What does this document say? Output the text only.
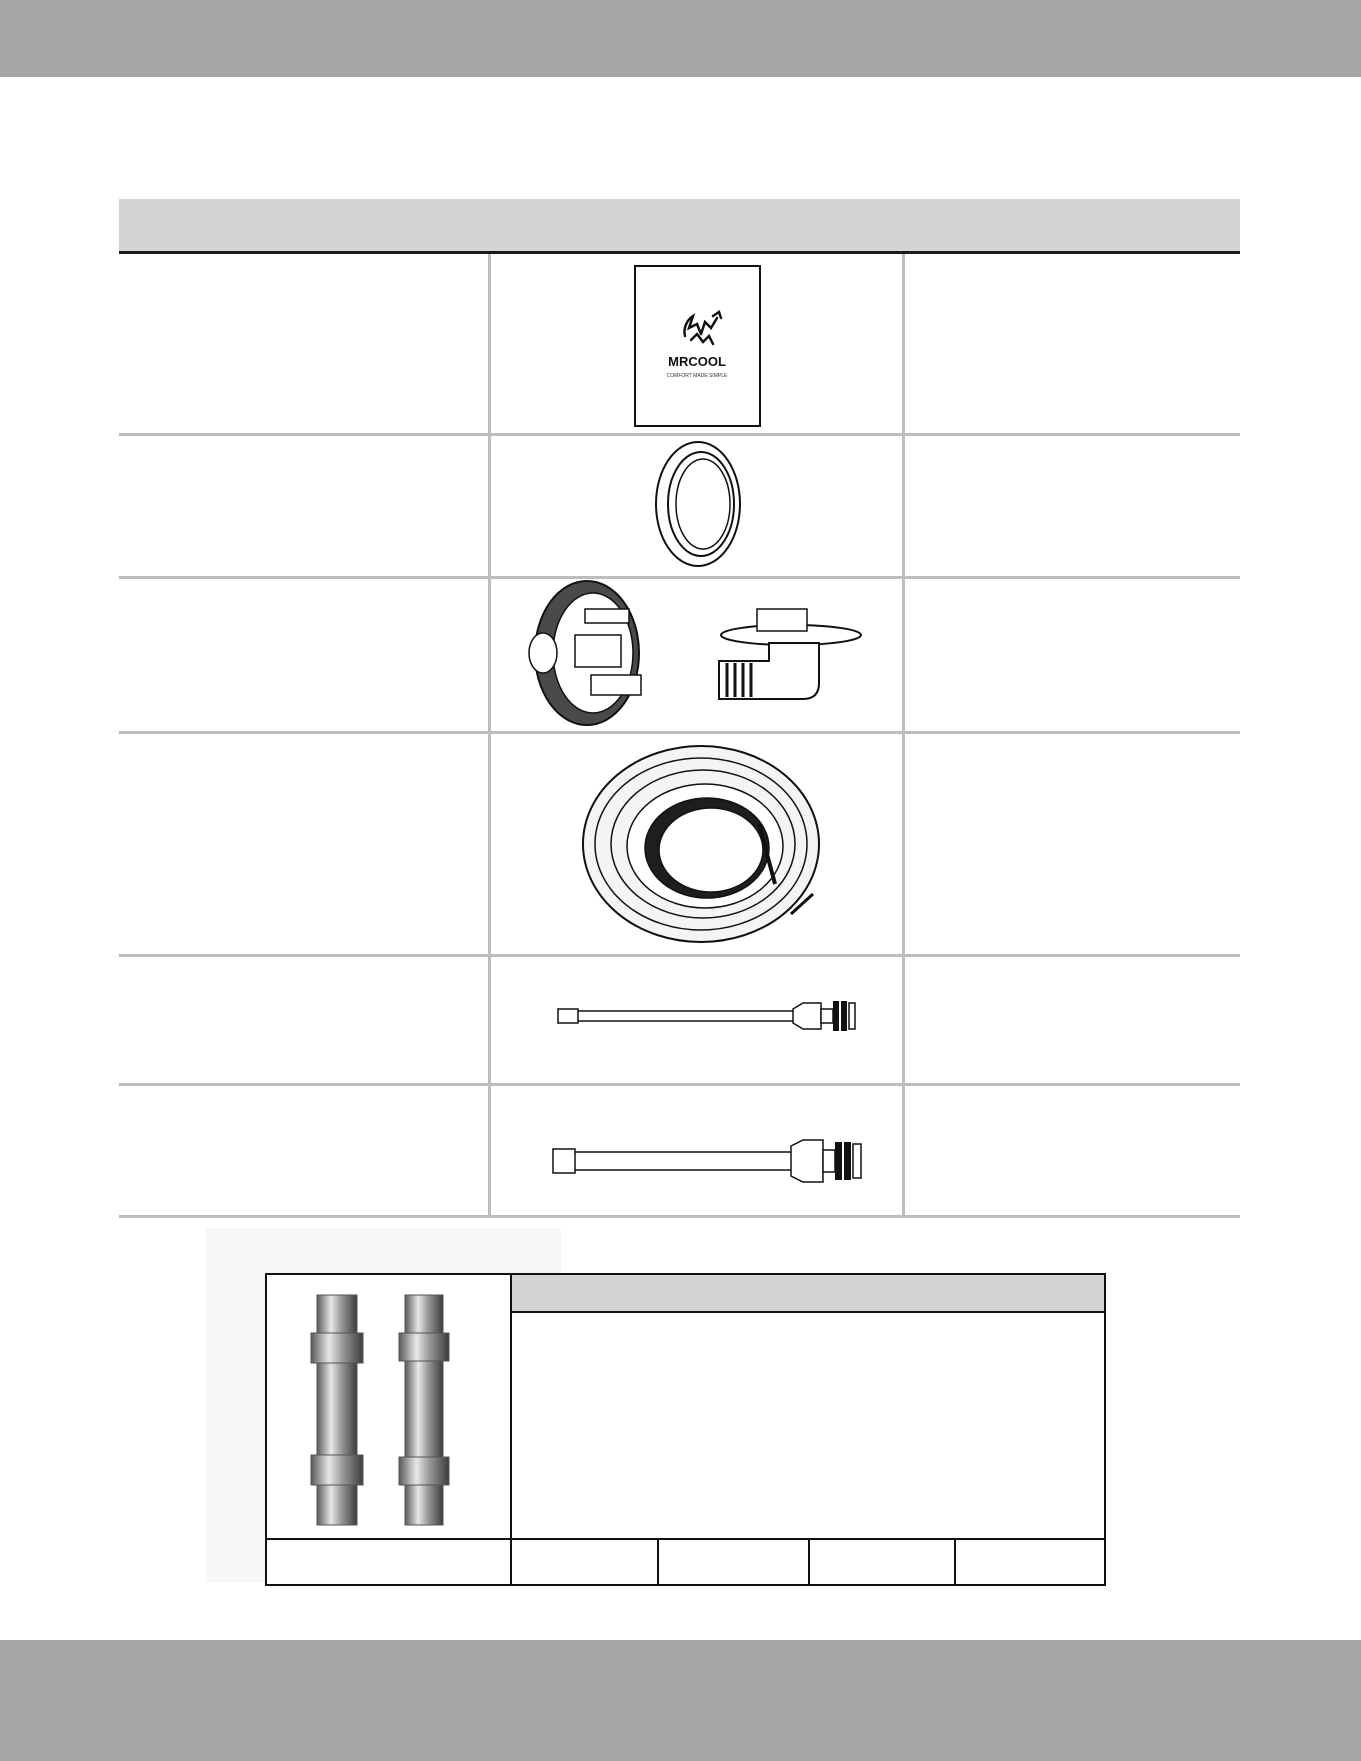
MRCOOL
COMFORT MADE SIMPLE
